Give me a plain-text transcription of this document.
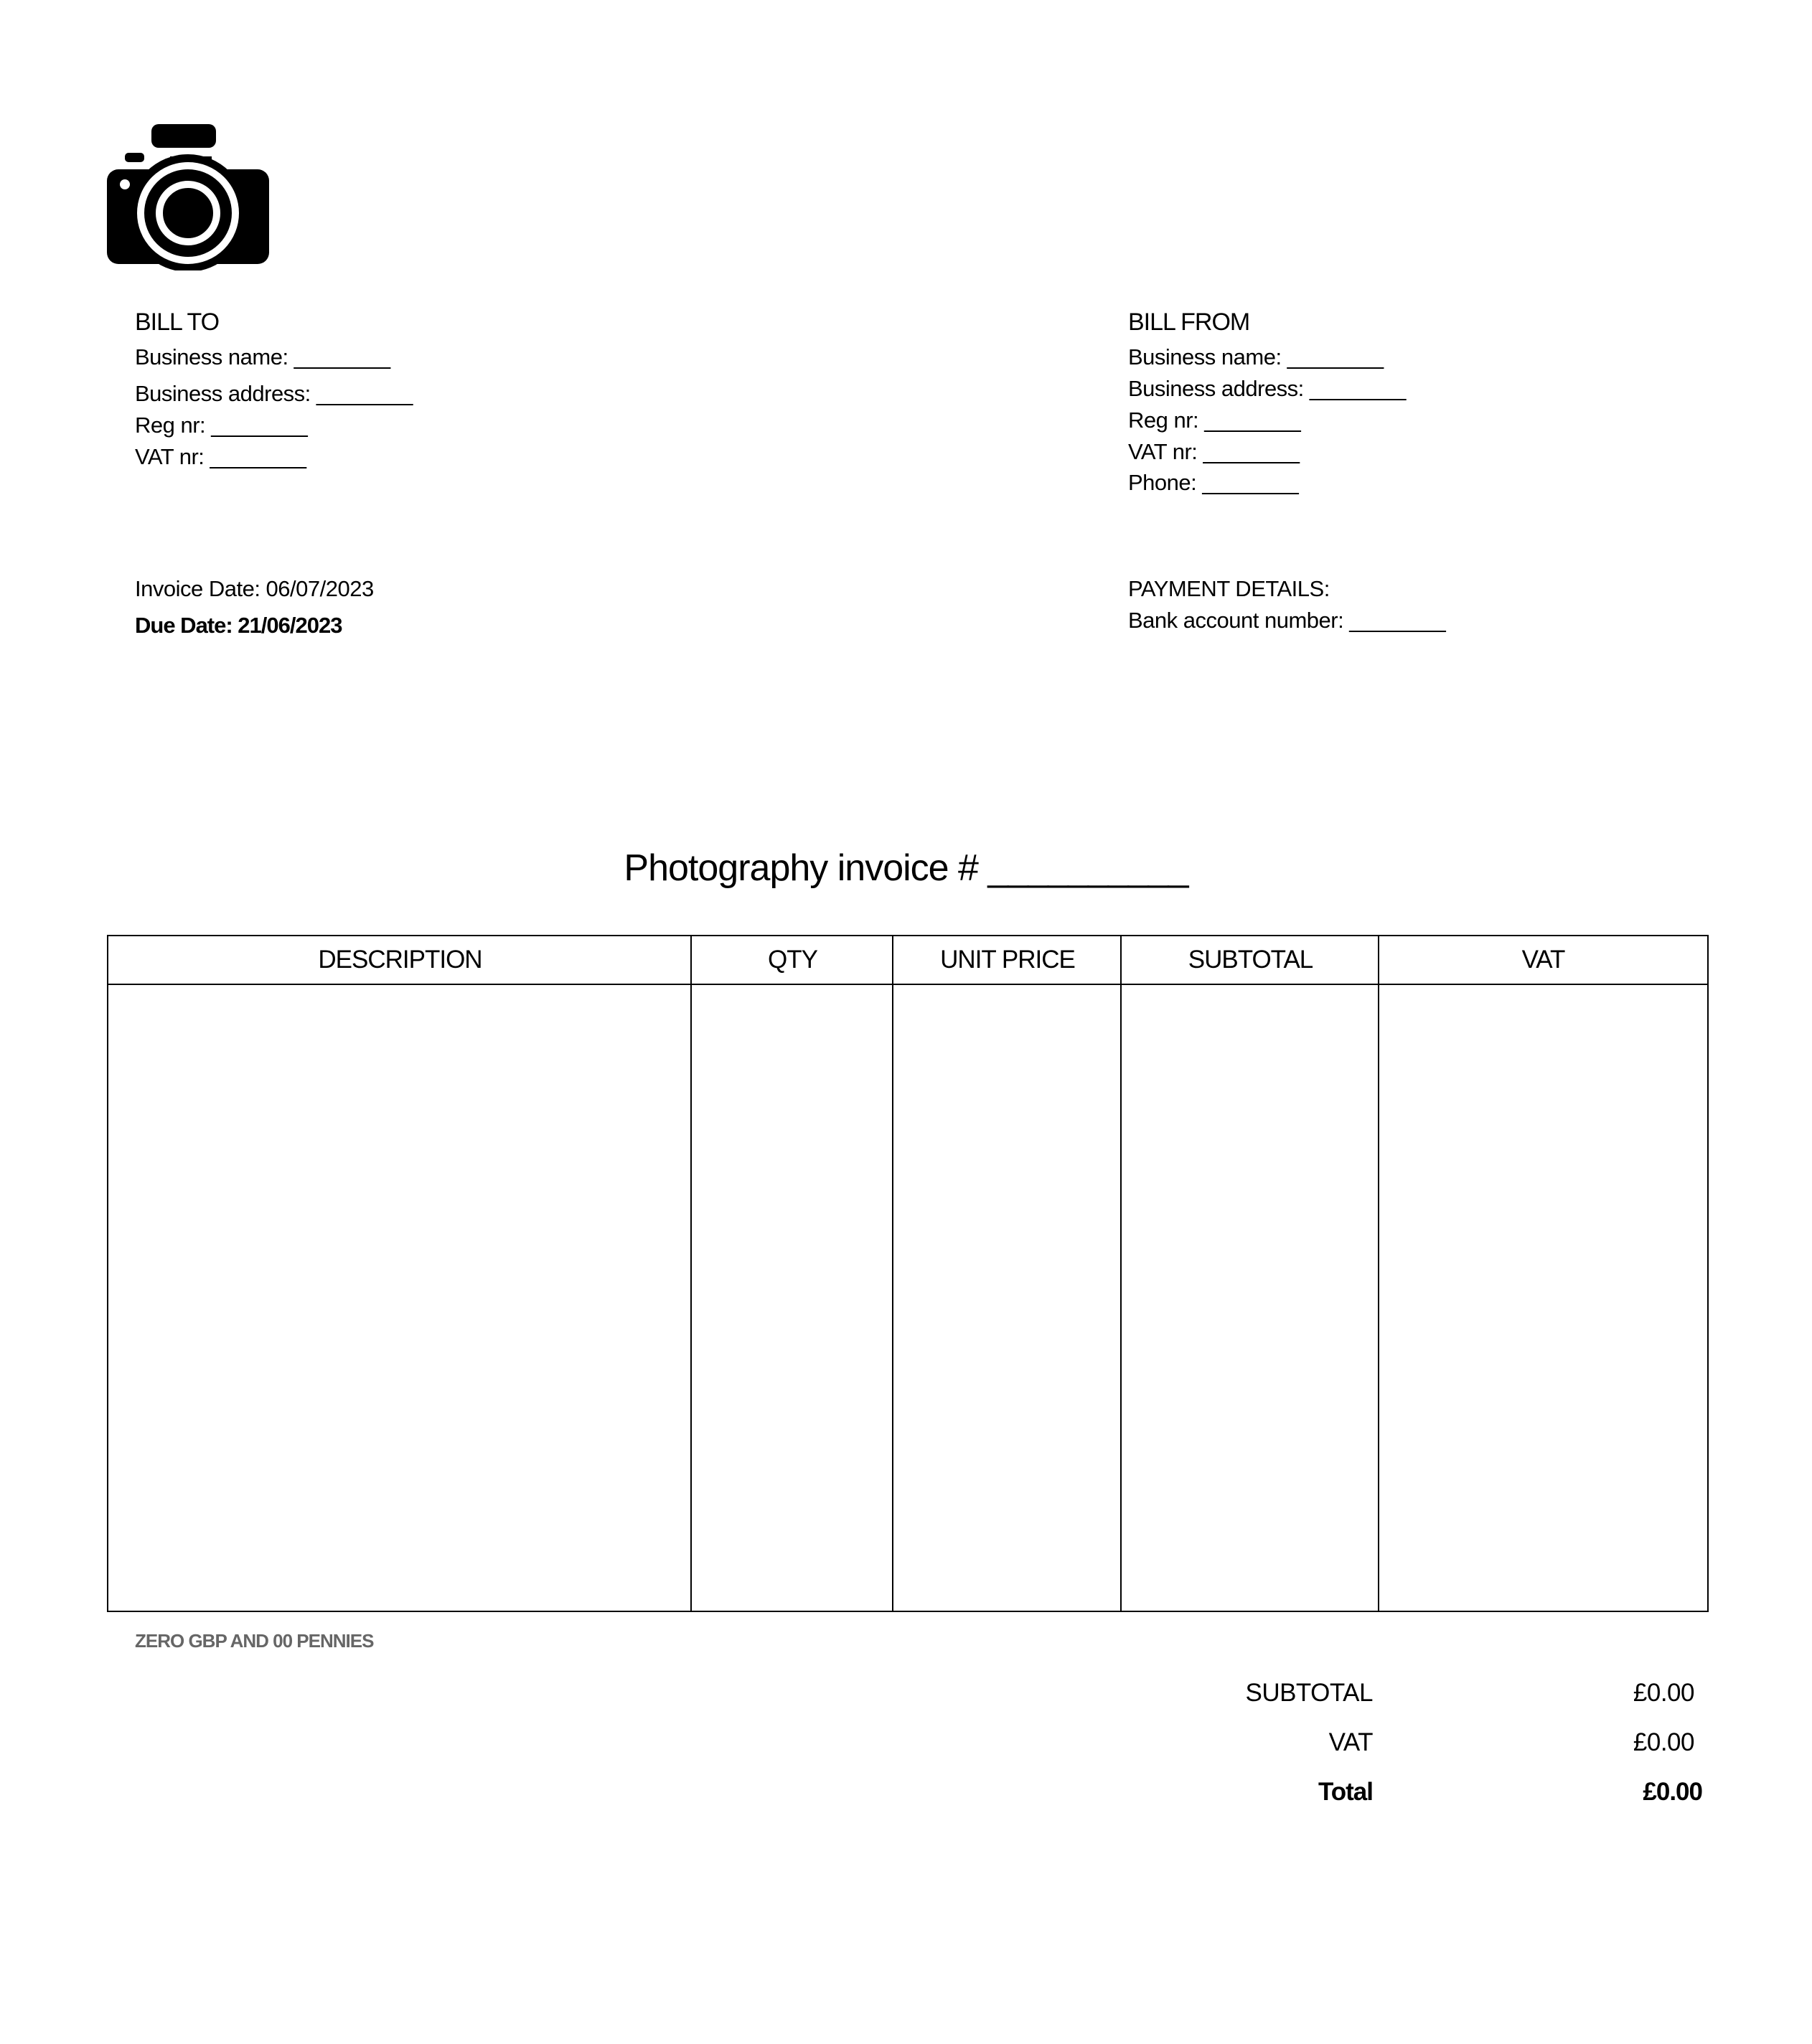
BILL TO
Business name: ________
Business address: ________
Reg nr: ________
VAT nr: ________
BILL FROM
Business name: ________
Business address: ________
Reg nr: ________
VAT nr: ________
Phone: ________
Invoice Date: 06/07/2023
Due Date: 21/06/2023
PAYMENT DETAILS:
Bank account number: ________
Photography invoice # __________
DESCRIPTION	QTY	UNIT PRICE	SUBTOTAL	VAT
ZERO GBP AND 00 PENNIES
SUBTOTAL	£0.00
VAT	£0.00
Total	£0.00
